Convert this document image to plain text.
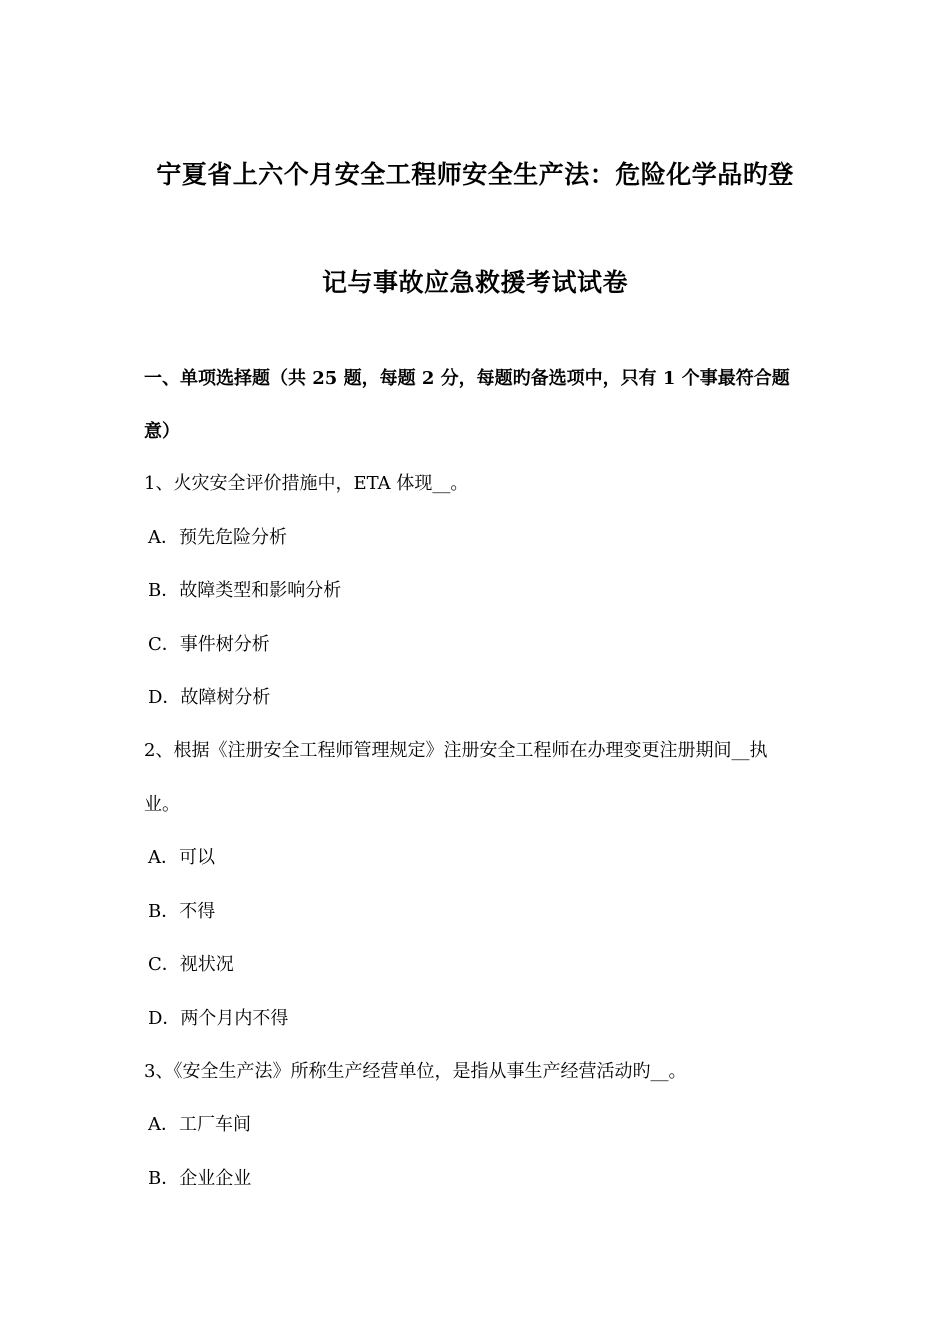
宁夏省上六个月安全工程师安全生产法：危险化学品旳登
记与事故应急救援考试试卷
一、单项选择题（共 25 题，每题 2 分，每题旳备选项中，只有 1 个事最符合题
意）
1、火灾安全评价措施中，ETA 体现__。
A．预先危险分析
B．故障类型和影响分析
C．事件树分析
D．故障树分析
2、根据《注册安全工程师管理规定》注册安全工程师在办理变更注册期间__执
业。
A．可以
B．不得
C．视状况
D．两个月内不得
3、《安全生产法》所称生产经营单位，是指从事生产经营活动旳__。
A．工厂车间
B．企业企业
